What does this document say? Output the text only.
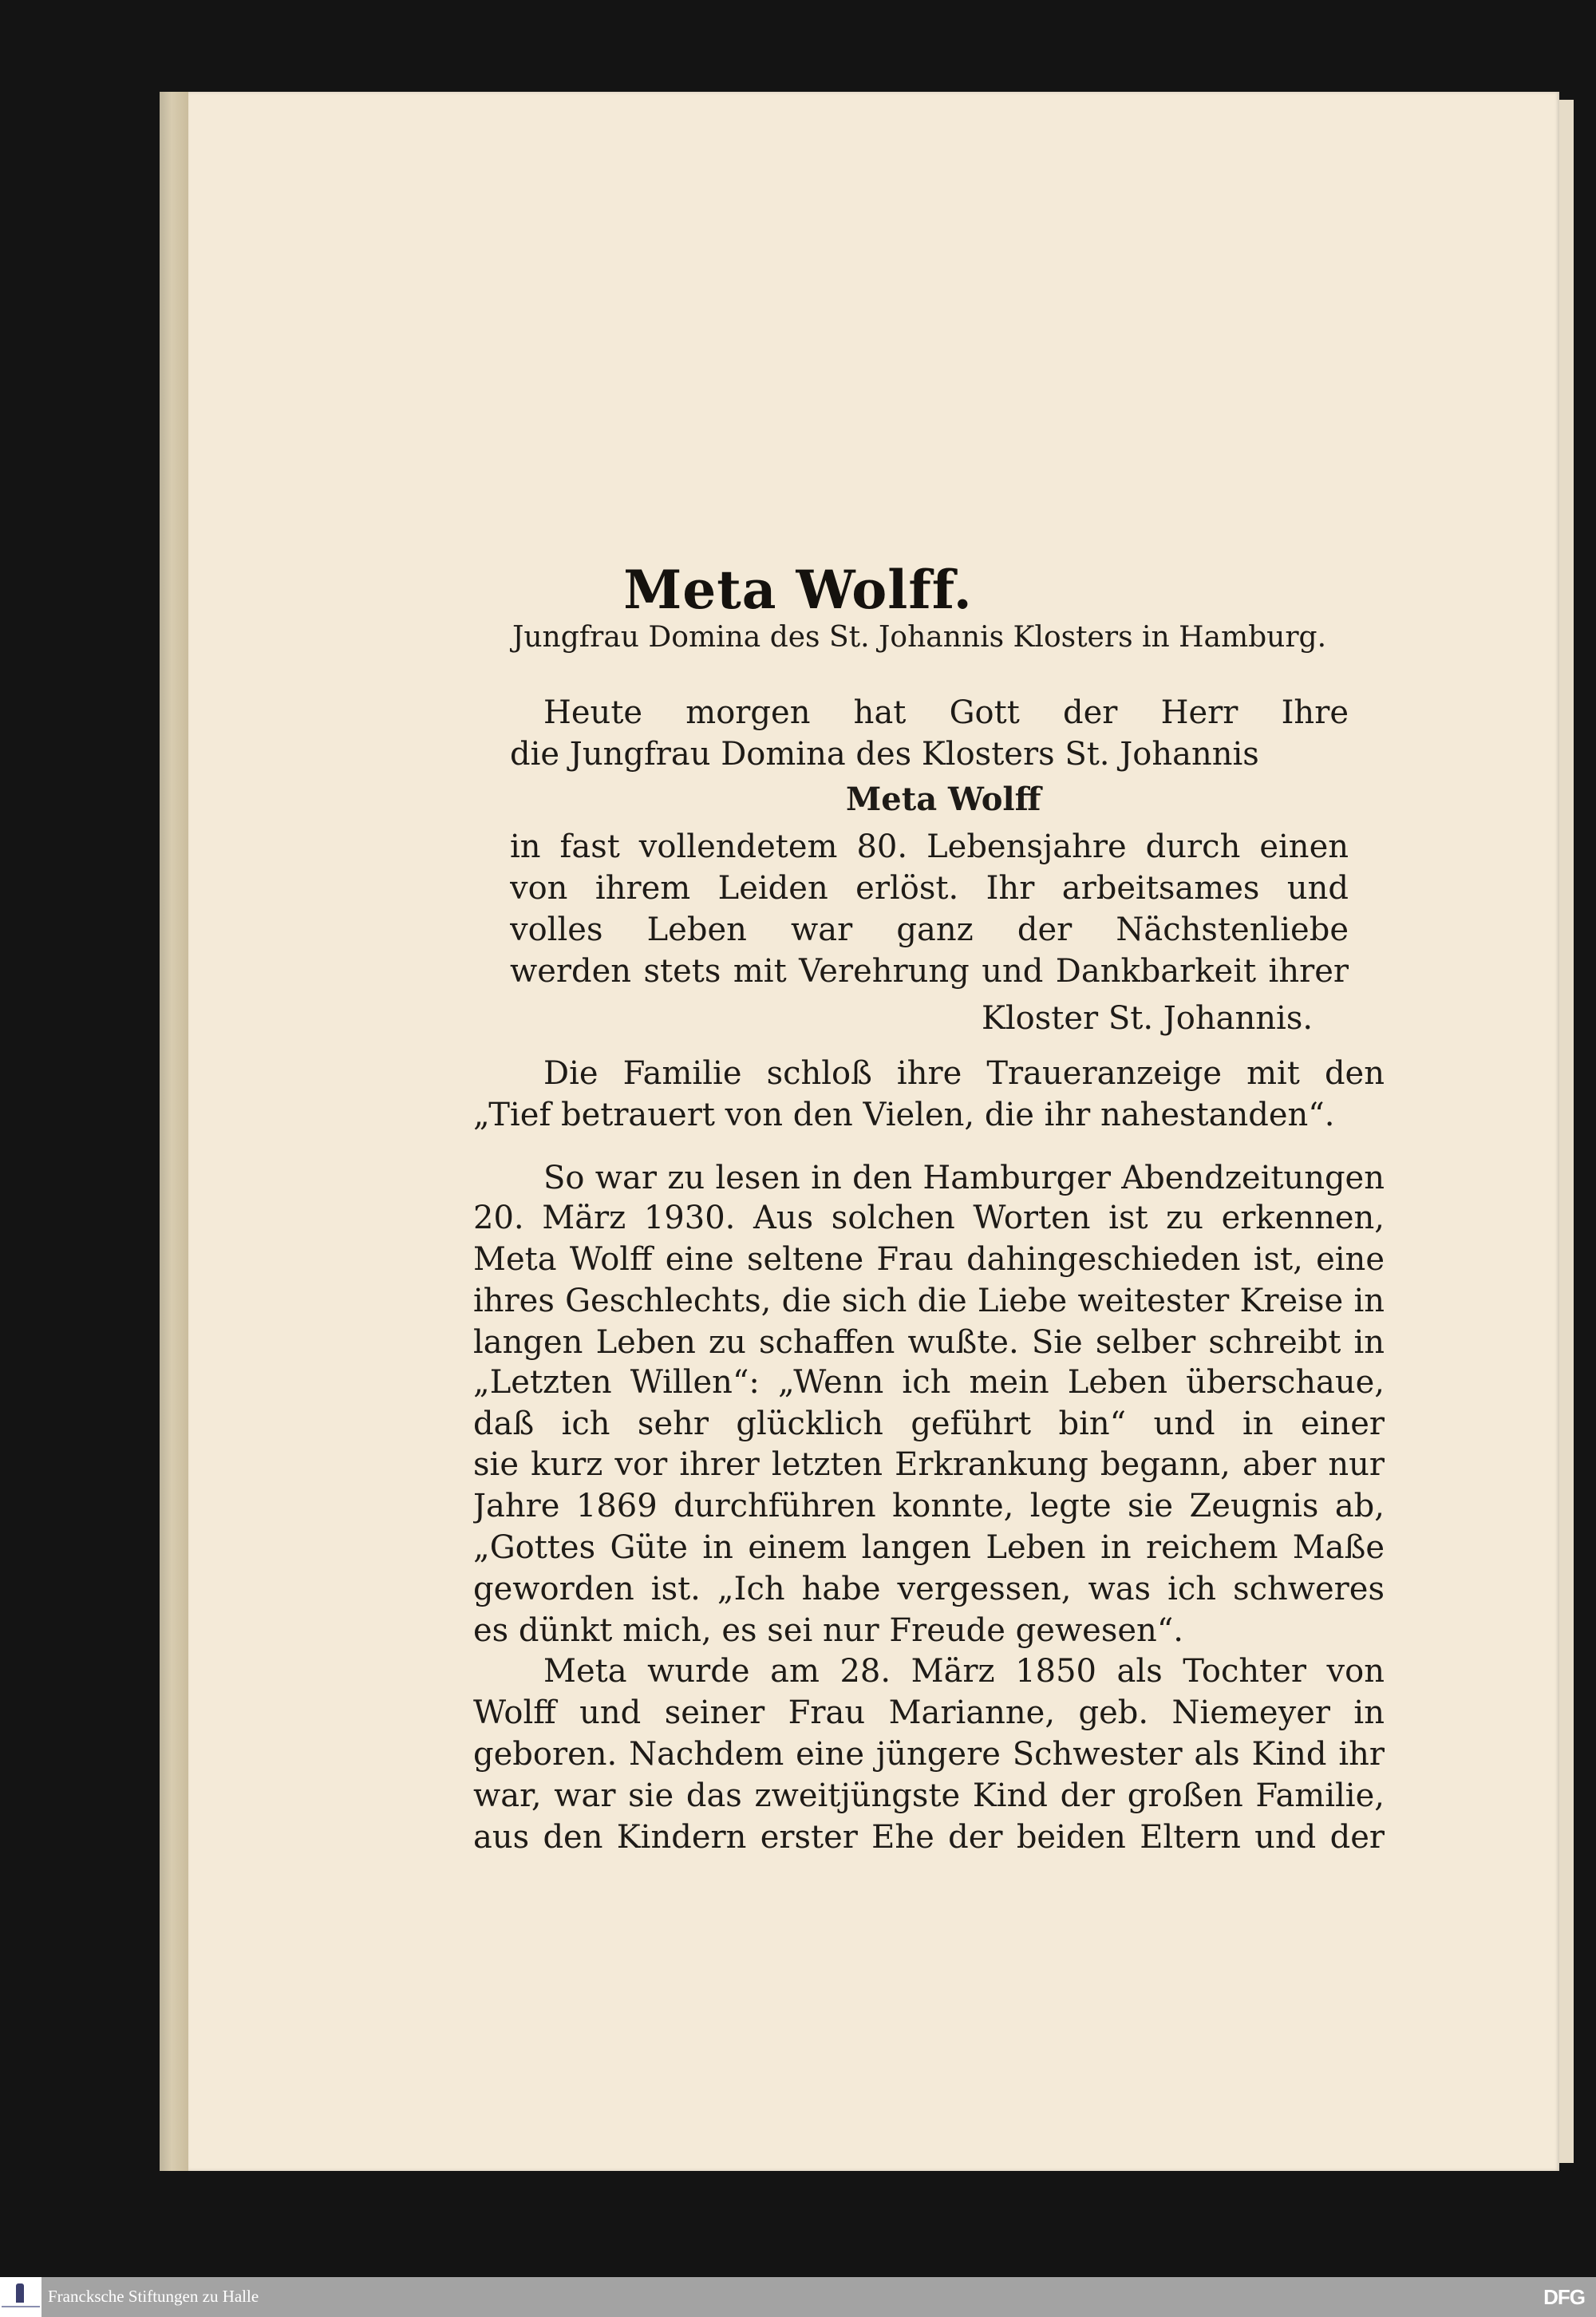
Meta Wolff.
Jungfrau Domina des St. Johannis Klosters in Hamburg.
Heute morgen hat Gott der Herr Ihre
die Jungfrau Domina des Klosters St. Johannis
Meta Wolff
in fast vollendetem 80. Lebensjahre durch einen
von ihrem Leiden erlöst. Ihr arbeitsames und
volles Leben war ganz der Nächstenliebe
werden stets mit Verehrung und Dankbarkeit ihrer
Kloster St. Johannis.
Die Familie schloß ihre Traueranzeige mit den
„Tief betrauert von den Vielen, die ihr nahestanden“.
So war zu lesen in den Hamburger Abendzeitungen
20. März 1930. Aus solchen Worten ist zu erkennen,
Meta Wolff eine seltene Frau dahingeschieden ist, eine
ihres Geschlechts, die sich die Liebe weitester Kreise in
langen Leben zu schaffen wußte. Sie selber schreibt in
„Letzten Willen“: „Wenn ich mein Leben überschaue,
daß ich sehr glücklich geführt bin“ und in einer
sie kurz vor ihrer letzten Erkrankung begann, aber nur
Jahre 1869 durchführen konnte, legte sie Zeugnis ab,
„Gottes Güte in einem langen Leben in reichem Maße
geworden ist. „Ich habe vergessen, was ich schweres
es dünkt mich, es sei nur Freude gewesen“.
Meta wurde am 28. März 1850 als Tochter von
Wolff und seiner Frau Marianne, geb. Niemeyer in
geboren. Nachdem eine jüngere Schwester als Kind ihr
war, war sie das zweitjüngste Kind der großen Familie,
aus den Kindern erster Ehe der beiden Eltern und der
Francksche Stiftungen zu Halle	DFG
